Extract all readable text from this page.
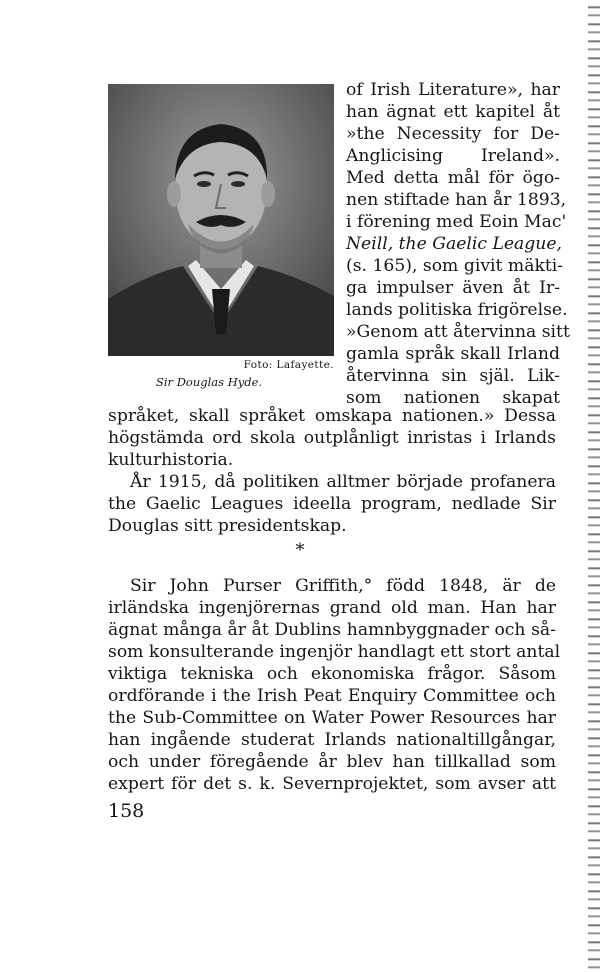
Foto: Lafayette.
Sir Douglas Hyde.
of Irish Literature», har
han ägnat ett kapitel åt
»the Necessity for De-
Anglicising Ireland».
Med detta mål för ögo-
nen stiftade han år 1893,
i förening med Eoin Mac'
Neill, the Gaelic League,
(s. 165), som givit mäkti-
ga impulser även åt Ir-
lands politiska frigörelse.
»Genom att återvinna sitt
gamla språk skall Irland
återvinna sin själ. Lik-
som nationen skapat
språket, skall språket omskapa nationen.» Dessa
högstämda ord skola outplånligt inristas i Irlands
kulturhistoria.
År 1915, då politiken alltmer började profanera
the Gaelic Leagues ideella program, nedlade Sir
Douglas sitt presidentskap.
*
Sir John Purser Griffith,° född 1848, är de
irländska ingenjörernas grand old man. Han har
ägnat många år åt Dublins hamnbyggnader och så-
som konsulterande ingenjör handlagt ett stort antal
viktiga tekniska och ekonomiska frågor. Såsom
ordförande i the Irish Peat Enquiry Committee och
the Sub-Committee on Water Power Resources har
han ingående studerat Irlands nationaltillgångar,
och under föregående år blev han tillkallad som
expert för det s. k. Severnprojektet, som avser att
158
